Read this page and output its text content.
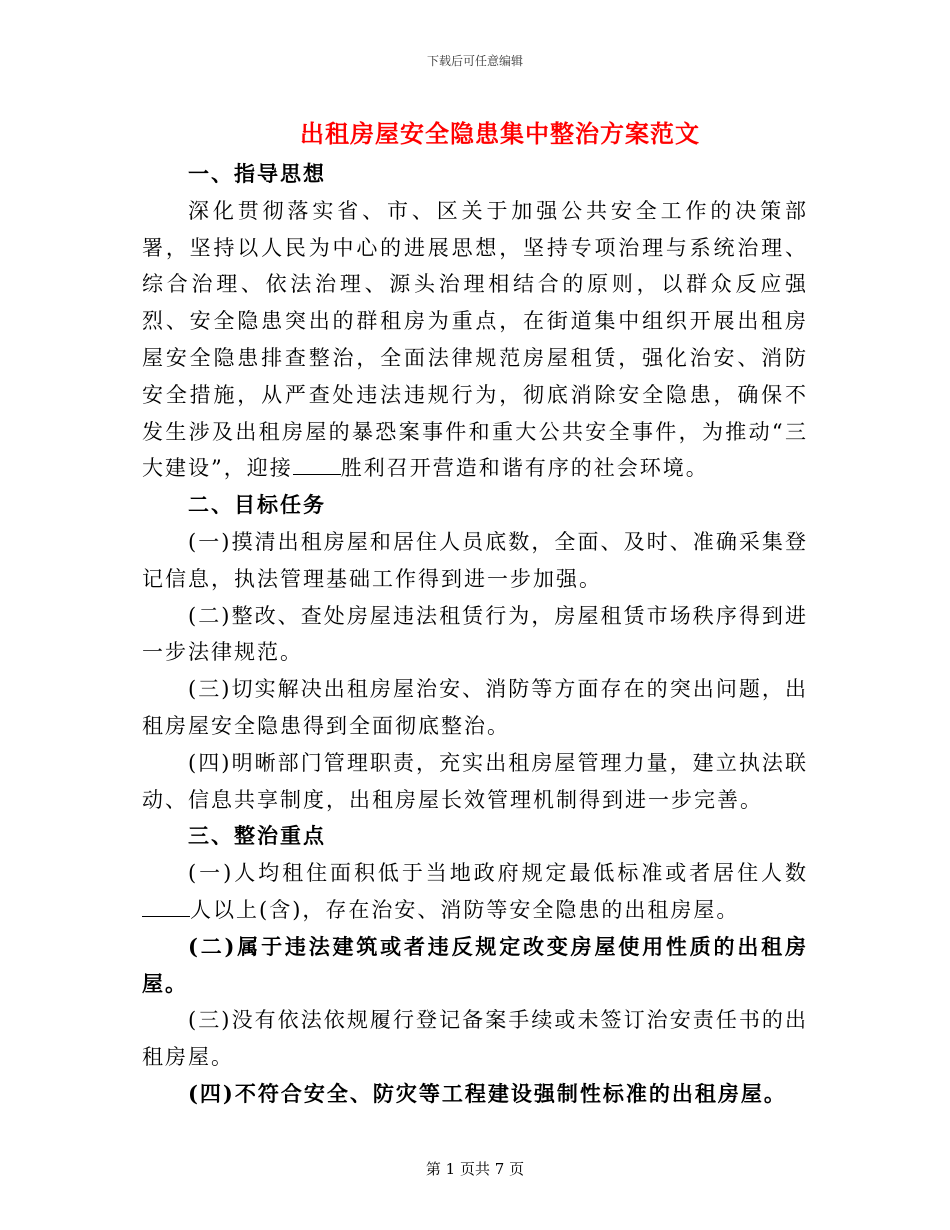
下载后可任意编辑
出租房屋安全隐患集中整治方案范文

一、指导思想

深化贯彻落实省、市、区关于加强公共安全工作的决策部署，坚持以人民为中心的进展思想，坚持专项治理与系统治理、综合治理、依法治理、源头治理相结合的原则，以群众反应强烈、安全隐患突出的群租房为重点，在街道集中组织开展出租房屋安全隐患排查整治，全面法律规范房屋租赁，强化治安、消防安全措施，从严查处违法违规行为，彻底消除安全隐患，确保不发生涉及出租房屋的暴恐案事件和重大公共安全事件，为推动“三大建设”，迎接 胜利召开营造和谐有序的社会环境。

二、目标任务

(一)摸清出租房屋和居住人员底数，全面、及时、准确采集登记信息，执法管理基础工作得到进一步加强。

(二)整改、查处房屋违法租赁行为，房屋租赁市场秩序得到进一步法律规范。

(三)切实解决出租房屋治安、消防等方面存在的突出问题，出租房屋安全隐患得到全面彻底整治。

(四)明晰部门管理职责，充实出租房屋管理力量，建立执法联动、信息共享制度，出租房屋长效管理机制得到进一步完善。

三、整治重点

(一)人均租住面积低于当地政府规定最低标准或者居住人数人以上(含)，存在治安、消防等安全隐患的出租房屋。

(二)属于违法建筑或者违反规定改变房屋使用性质的出租房屋。

(三)没有依法依规履行登记备案手续或未签订治安责任书的出租房屋。

(四)不符合安全、防灾等工程建设强制性标准的出租房屋。

第 1 页共 7 页
